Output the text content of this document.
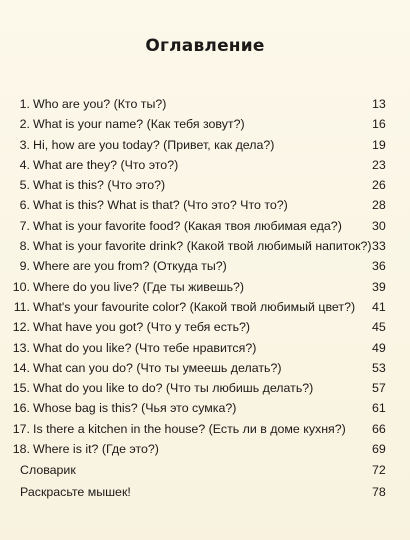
Оглавление
1. Who are you? (Кто ты?)	13
2. What is your name? (Как тебя зовут?)	16
3. Hi, how are you today? (Привет, как дела?)	19
4. What are they? (Что это?)	23
5. What is this? (Что это?)	26
6. What is this? What is that? (Что это? Что то?)	28
7. What is your favorite food? (Какая твоя любимая еда?)	30
8. What is your favorite drink? (Какой твой любимый напиток?) 33
9. Where are you from? (Откуда ты?)	36
10. Where do you live? (Где ты живешь?)	39
11. What's your favourite color? (Какой твой любимый цвет?)	41
12. What have you got? (Что у тебя есть?)	45
13. What do you like? (Что тебе нравится?)	49
14. What can you do? (Что ты умеешь делать?)	53
15. What do you like to do? (Что ты любишь делать?)	57
16. Whose bag is this? (Чья это сумка?)	61
17. Is there a kitchen in the house? (Есть ли в доме кухня?)	66
18. Where is it? (Где это?)	69
Словарик	72
Раскрасьте мышек!	78
